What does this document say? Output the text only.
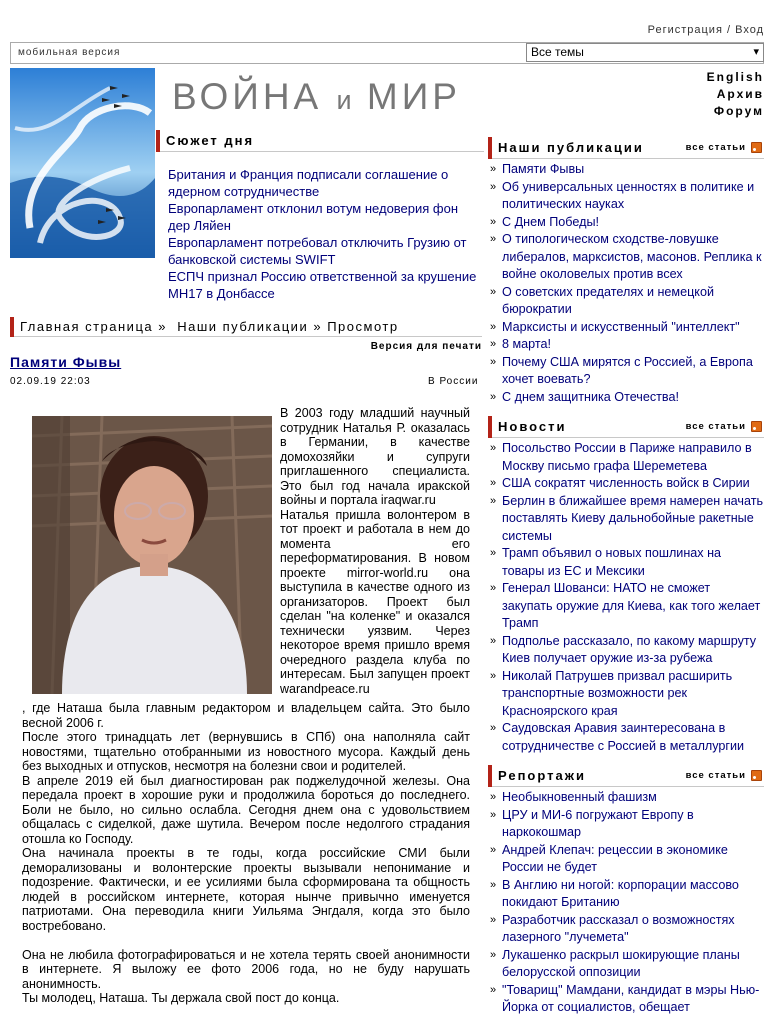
Регистрация / Вход
мобильная версия	Все темы	▾
ВОЙНА и МИР	English
Архив
Форум
Сюжет дня
Британия и Франция подписали соглашение о ядерном сотрудничестве
Европарламент отклонил вотум недоверия фон дер Ляйен
Европарламент потребовал отключить Грузию от банковской системы SWIFT
ЕСПЧ признал Россию ответственной за крушение MH17 в Донбассе
Главная страница » Наши публикации » Просмотр
Версия для печати
Памяти Фывы
02.09.19 22:03	В России

В 2003 году младший научный сотрудник Наталья Р. оказалась в Германии, в качестве домохозяйки и супруги приглашенного специалиста. Это был год начала иракской войны и портала iraqwar.ru

Наталья пришла волонтером в тот проект и работала в нем до момента его переформатирования. В новом проекте mirror-world.ru она выступила в качестве одного из организаторов. Проект был сделан "на коленке" и оказался технически уязвим. Через некоторое время пришло время очередного раздела клуба по интересам. Был запущен проект warandpeace.ru

, где Наташа была главным редактором и владельцем сайта. Это было весной 2006 г.

После этого тринадцать лет (вернувшись в СПб) она наполняла сайт новостями, тщательно отобранными из новостного мусора. Каждый день без выходных и отпусков, несмотря на болезни свои и родителей.

В апреле 2019 ей был диагностирован рак поджелудочной железы. Она передала проект в хорошие руки и продолжила бороться до последнего. Боли не было, но сильно ослабла. Сегодня днем она с удовольствием общалась с сиделкой, даже шутила. Вечером после недолгого страдания отошла ко Господу.

Она начинала проекты в те годы, когда российские СМИ были деморализованы и волонтерские проекты вызывали непонимание и подозрение. Фактически, и ее усилиями была сформирована та общность людей в российском интернете, которая нынче привычно именуется патриотами. Она переводила книги Уильяма Энгдаля, когда это было востребовано.

Она не любила фотографироваться и не хотела терять своей анонимности в интернете. Я выложу ее фото 2006 года, но не буду нарушать анонимность.

Ты молодец, Наташа. Ты держала свой пост до конца.

Наши публикации	все статьи
» Памяти Фывы
» Об универсальных ценностях в политике и политических науках
» С Днем Победы!
» О типологическом сходстве-ловушке либералов, марксистов, масонов. Реплика к войне околовелых против всех
» О советских предателях и немецкой бюрократии
» Марксисты и искусственный "интеллект"
» 8 марта!
» Почему США мирятся с Россией, а Европа хочет воевать?
» С днем защитника Отечества!
Новости	все статьи
» Посольство России в Париже направило в Москву письмо графа Шереметева
» США сократят численность войск в Сирии
» Берлин в ближайшее время намерен начать поставлять Киеву дальнобойные ракетные системы
» Трамп объявил о новых пошлинах на товары из ЕС и Мексики
» Генерал Шованси: НАТО не сможет закупать оружие для Киева, как того желает Трамп
» Подполье рассказало, по какому маршруту Киев получает оружие из-за рубежа
» Николай Патрушев призвал расширить транспортные возможности рек Красноярского края
» Саудовская Аравия заинтересована в сотрудничестве с Россией в металлургии
Репортажи	все статьи
» Необыкновенный фашизм
» ЦРУ и МИ-6 погружают Европу в наркокошмар
» Андрей Клепач: рецессии в экономике России не будет
» В Англию ни ногой: корпорации массово покидают Британию
» Разработчик рассказал о возможностях лазерного "лучемета"
» Лукашенко раскрыл шокирующие планы белорусской оппозиции
» "Товарищ" Мамдани, кандидат в мэры Нью-Йорка от социалистов, обещает
